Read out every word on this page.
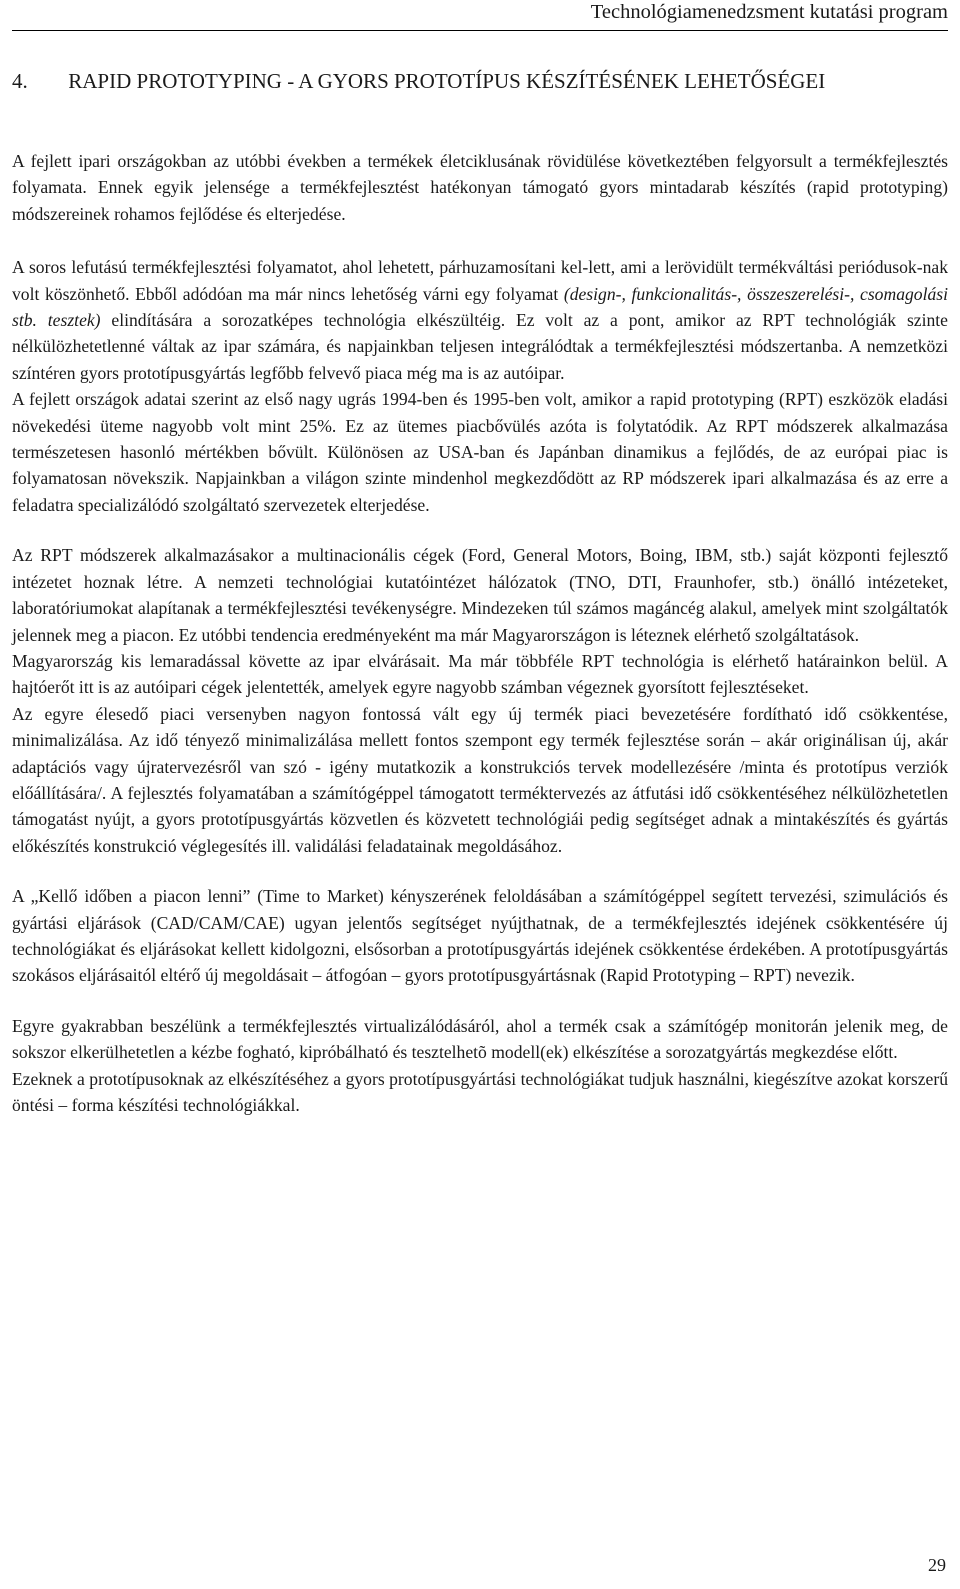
Technológiamenedzsment kutatási program
4. RAPID PROTOTYPING - A GYORS PROTOTÍPUS KÉSZÍTÉSÉNEK LEHETŐSÉGEI

A fejlett ipari országokban az utóbbi években a termékek életciklusának rövidülése következtében felgyorsult a termékfejlesztés folyamata. Ennek egyik jelensége a termékfejlesztést hatékonyan támogató gyors mintadarab készítés (rapid prototyping) módszereinek rohamos fejlődése és elterjedése.

A soros lefutású termékfejlesztési folyamatot, ahol lehetett, párhuzamosítani kel-lett, ami a lerövidült termékváltási periódusok-nak volt köszönhető. Ebből adódóan ma már nincs lehetőség várni egy folyamat (design-, funkcionalitás-, összeszerelési-, csomagolási stb. tesztek) elindítására a sorozatképes technológia elkészültéig. Ez volt az a pont, amikor az RPT technológiák szinte nélkülözhetetlenné váltak az ipar számára, és napjainkban teljesen integrálódtak a termékfejlesztési módszertanba. A nemzetközi színtéren gyors prototípusgyártás legfőbb felvevő piaca még ma is az autóipar.

A fejlett országok adatai szerint az első nagy ugrás 1994-ben és 1995-ben volt, amikor a rapid prototyping (RPT) eszközök eladási növekedési üteme nagyobb volt mint 25%. Ez az ütemes piacbővülés azóta is folytatódik. Az RPT módszerek alkalmazása természetesen hasonló mértékben bővült. Különösen az USA-ban és Japánban dinamikus a fejlődés, de az európai piac is folyamatosan növekszik. Napjainkban a világon szinte mindenhol megkezdődött az RP módszerek ipari alkalmazása és az erre a feladatra specializálódó szolgáltató szervezetek elterjedése.

Az RPT módszerek alkalmazásakor a multinacionális cégek (Ford, General Motors, Boing, IBM, stb.) saját központi fejlesztő intézetet hoznak létre. A nemzeti technológiai kutatóintézet hálózatok (TNO, DTI, Fraunhofer, stb.) önálló intézeteket, laboratóriumokat alapítanak a termékfejlesztési tevékenységre. Mindezeken túl számos magáncég alakul, amelyek mint szolgáltatók jelennek meg a piacon. Ez utóbbi tendencia eredményeként ma már Magyarországon is léteznek elérhető szolgáltatások.

Magyarország kis lemaradással követte az ipar elvárásait. Ma már többféle RPT technológia is elérhető határainkon belül. A hajtóerőt itt is az autóipari cégek jelentették, amelyek egyre nagyobb számban végeznek gyorsított fejlesztéseket.

Az egyre élesedő piaci versenyben nagyon fontossá vált egy új termék piaci bevezetésére fordítható idő csökkentése, minimalizálása. Az idő tényező minimalizálása mellett fontos szempont egy termék fejlesztése során – akár originálisan új, akár adaptációs vagy újratervezésről van szó - igény mutatkozik a konstrukciós tervek modellezésére /minta és prototípus verziók előállítására/. A fejlesztés folyamatában a számítógéppel támogatott terméktervezés az átfutási idő csökkentéséhez nélkülözhetetlen támogatást nyújt, a gyors prototípusgyártás közvetlen és közvetett technológiái pedig segítséget adnak a mintakészítés és gyártás előkészítés konstrukció véglegesítés ill. validálási feladatainak megoldásához.

A „Kellő időben a piacon lenni” (Time to Market) kényszerének feloldásában a számítógéppel segített tervezési, szimulációs és gyártási eljárások (CAD/CAM/CAE) ugyan jelentős segítséget nyújthatnak, de a termékfejlesztés idejének csökkentésére új technológiákat és eljárásokat kellett kidolgozni, elsősorban a prototípusgyártás idejének csökkentése érdekében. A prototípusgyártás szokásos eljárásaitól eltérő új megoldásait – átfogóan – gyors prototípusgyártásnak (Rapid Prototyping – RPT) nevezik.

Egyre gyakrabban beszélünk a termékfejlesztés virtualizálódásáról, ahol a termék csak a számítógép monitorán jelenik meg, de sokszor elkerülhetetlen a kézbe fogható, kipróbálható és tesztelhetõ modell(ek) elkészítése a sorozatgyártás megkezdése előtt.

Ezeknek a prototípusoknak az elkészítéséhez a gyors prototípusgyártási technológiákat tudjuk használni, kiegészítve azokat korszerű öntési – forma készítési technológiákkal.

29
